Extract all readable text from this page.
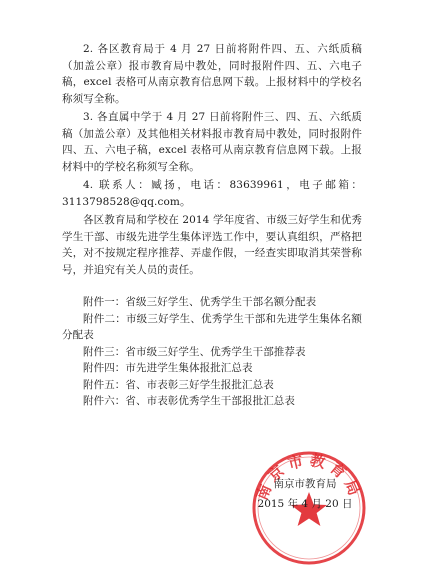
2. 各区教育局于 4 月 27 日前将附件四、五、六纸质稿（加盖公章）报市教育局中教处，同时报附件四、五、六电子稿，excel 表格可从南京教育信息网下载。上报材料中的学校名称须写全称。

3. 各直属中学于 4 月 27 日前将附件三、四、五、六纸质稿（加盖公章）及其他相关材料报市教育局中教处，同时报附件四、五、六电子稿，excel 表格可从南京教育信息网下载。上报材料中的学校名称须写全称。

4. 联系人：臧扬，电话：83639961，电子邮箱：3113798528@qq.com。

各区教育局和学校在 2014 学年度省、市级三好学生和优秀学生干部、市级先进学生集体评选工作中，要认真组织，严格把关，对不按规定程序推荐、弄虚作假，一经查实即取消其荣誉称号，并追究有关人员的责任。

附件一：省级三好学生、优秀学生干部名额分配表
附件二：市级三好学生、优秀学生干部和先进学生集体名额分配表
附件三：省市级三好学生、优秀学生干部推荐表
附件四：市先进学生集体报批汇总表
附件五：省、市表彰三好学生报批汇总表
附件六：省、市表彰优秀学生干部报批汇总表
南京市教育局
南京市教育局
2015 年 4 月 20 日
